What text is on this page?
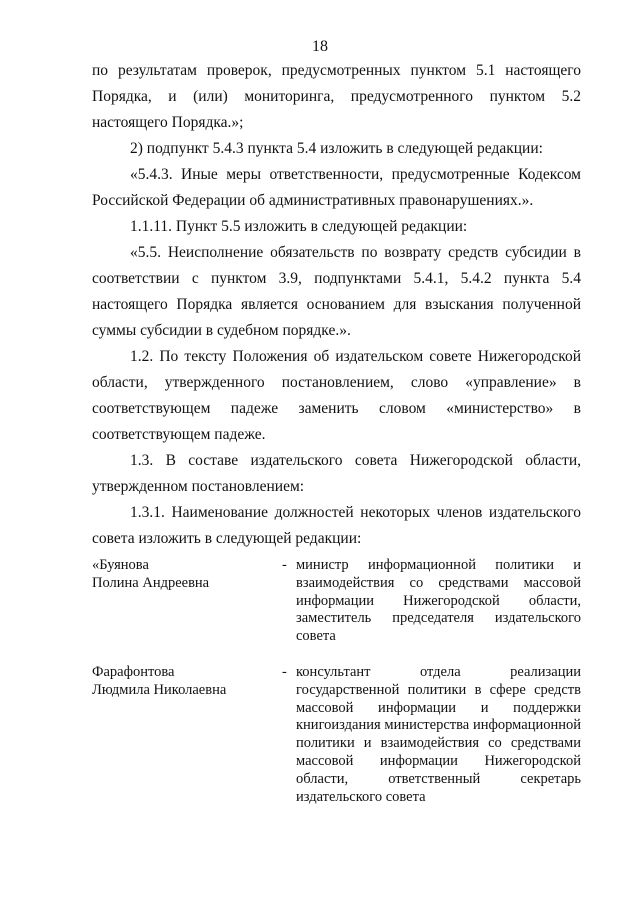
18

по результатам проверок, предусмотренных пунктом 5.1 настоящего Порядка, и (или) мониторинга, предусмотренного пунктом 5.2 настоящего Порядка.»;

2) подпункт 5.4.3 пункта 5.4 изложить в следующей редакции:

«5.4.3. Иные меры ответственности, предусмотренные Кодексом Российской Федерации об административных правонарушениях.».

1.1.11. Пункт 5.5 изложить в следующей редакции:

«5.5. Неисполнение обязательств по возврату средств субсидии в соответствии с пунктом 3.9, подпунктами 5.4.1, 5.4.2 пункта 5.4 настоящего Порядка является основанием для взыскания полученной суммы субсидии в судебном порядке.».

1.2. По тексту Положения об издательском совете Нижегородской области, утвержденного постановлением, слово «управление» в соответствующем падеже заменить словом «министерство» в соответствующем падеже.

1.3. В составе издательского совета Нижегородской области, утвержденном постановлением:

1.3.1. Наименование должностей некоторых членов издательского совета изложить в следующей редакции:

«Буянова
Полина Андреевна
- министр информационной политики и взаимодействия со средствами массовой информации Нижегородской области, заместитель председателя издательского совета
Фарафонтова
Людмила Николаевна
- консультант отдела реализации государственной политики в сфере средств массовой информации и поддержки книгоиздания министерства информационной политики и взаимодействия со средствами массовой информации Нижегородской области, ответственный секретарь издательского совета
